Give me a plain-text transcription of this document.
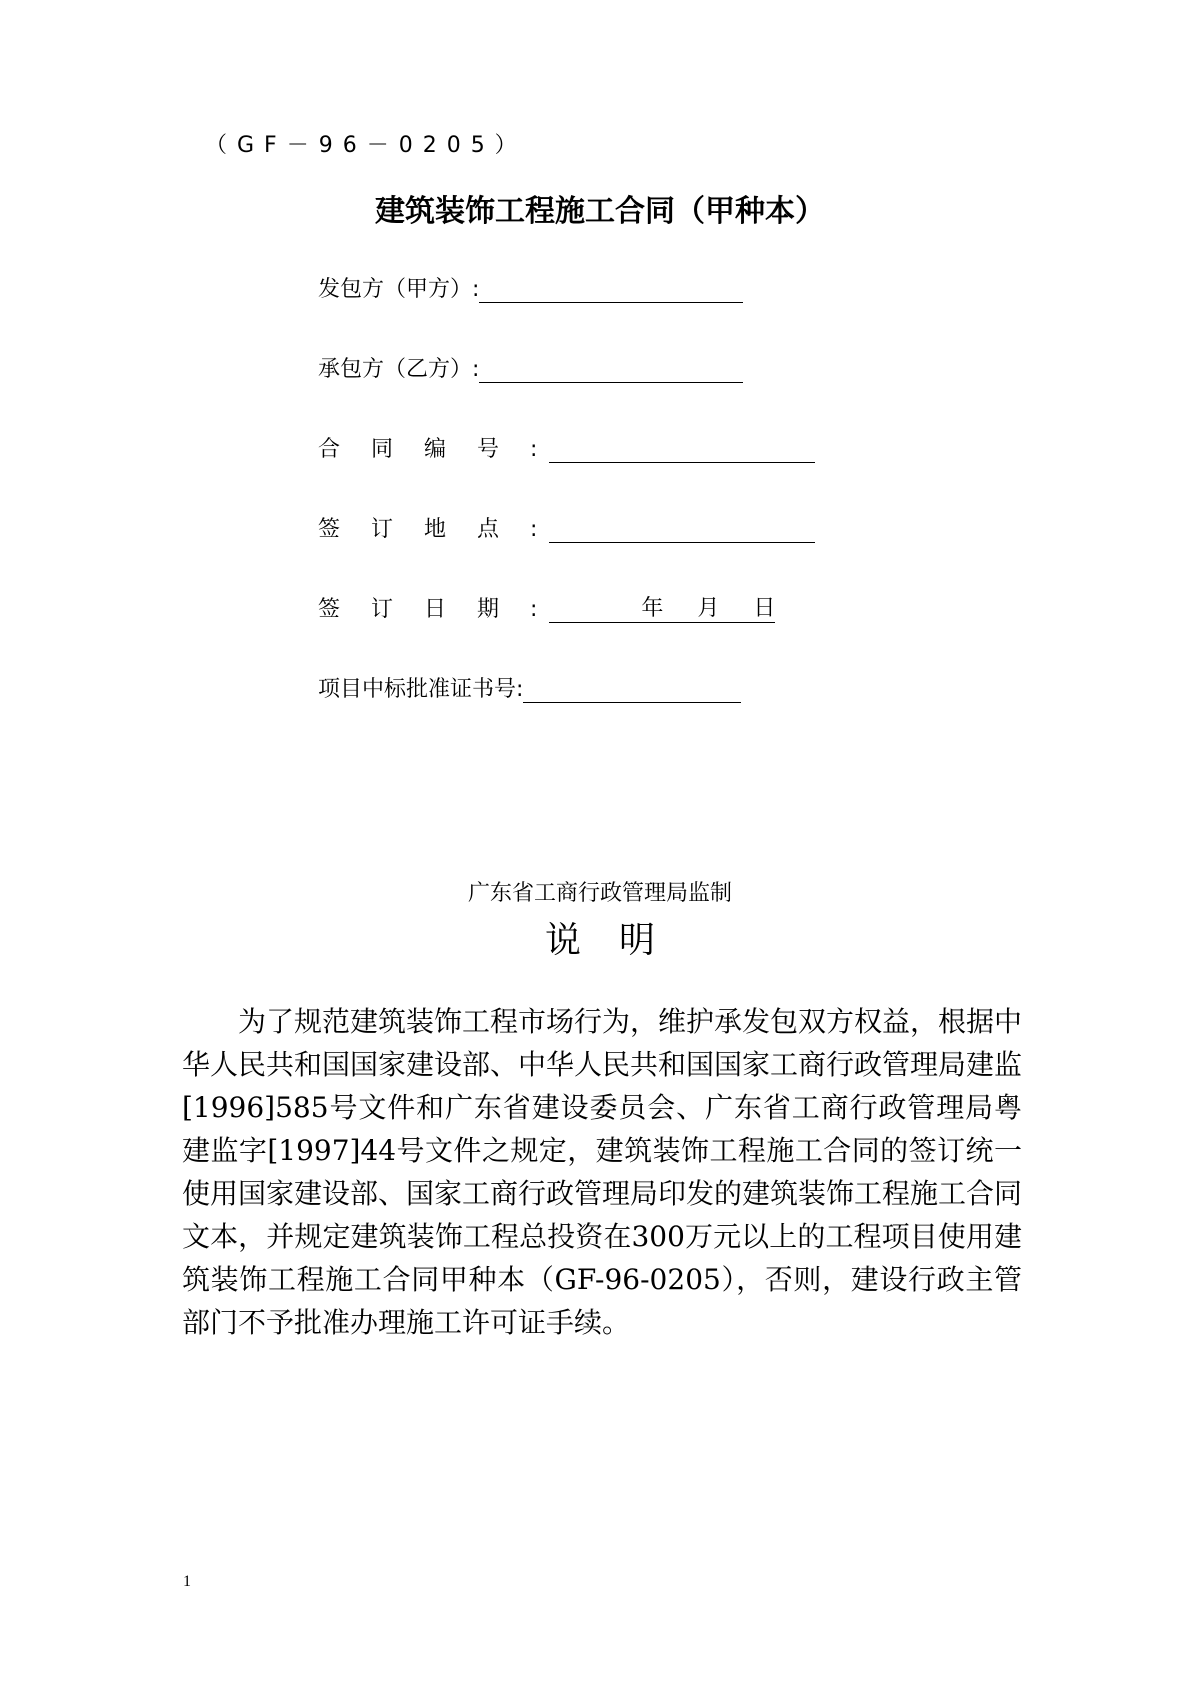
（GF－96－0205）
建筑装饰工程施工合同（甲种本）
发包方（甲方）:
承包方（乙方）:
合 同 编 号 :
签 订 地 点 :
签 订 日 期 :	年 月 日
项目中标批准证书号:
广东省工商行政管理局监制
说明

为了规范建筑装饰工程市场行为，维护承发包双方权益，根据中华人民共和国国家建设部、中华人民共和国国家工商行政管理局建监[1996]585号文件和广东省建设委员会、广东省工商行政管理局粤建监字[1997]44号文件之规定，建筑装饰工程施工合同的签订统一使用国家建设部、国家工商行政管理局印发的建筑装饰工程施工合同文本，并规定建筑装饰工程总投资在300万元以上的工程项目使用建筑装饰工程施工合同甲种本（GF-96-0205），否则，建设行政主管部门不予批准办理施工许可证手续。

1
